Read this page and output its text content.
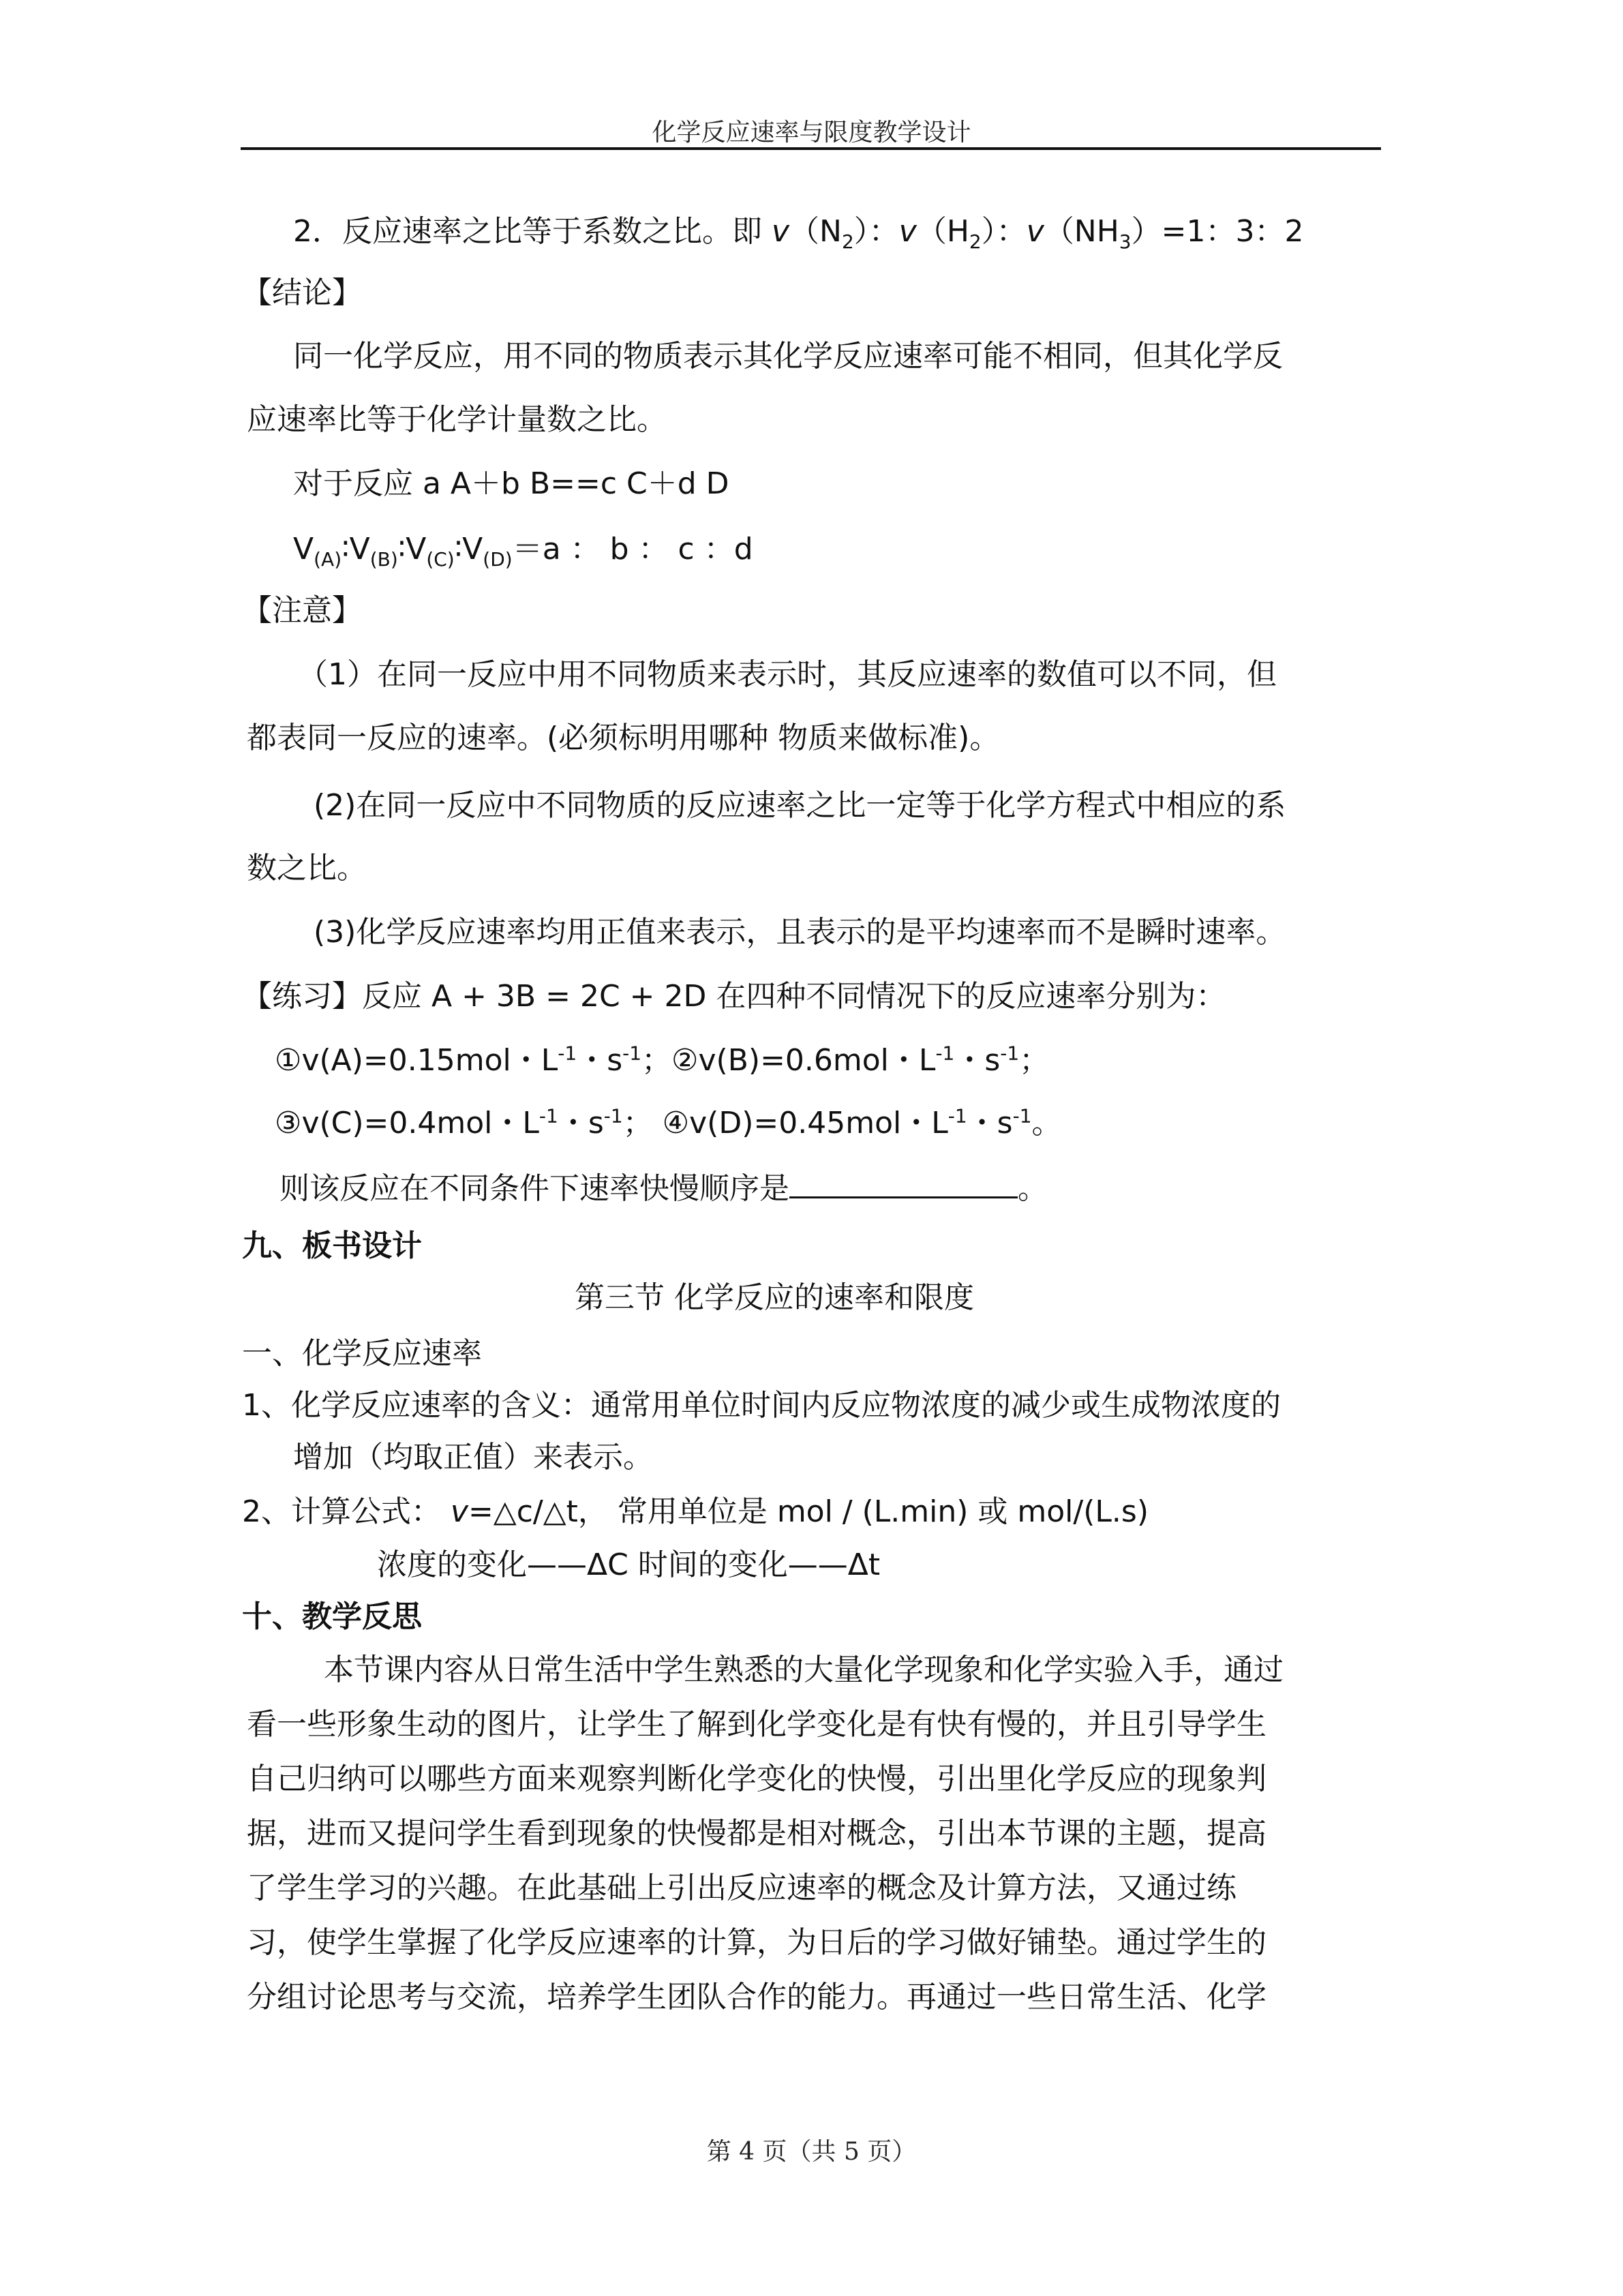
化学反应速率与限度教学设计
2．反应速率之比等于系数之比。即 $v(N_2)$：$v(H_2)$：$v(NH_3)=1$：3：2
【结论】
同一化学反应，用不同的物质表示其化学反应速率可能不相同，但其化学反
应速率比等于化学计量数之比。
对于反应 a A＋b B==c C＋d D
$V_{(A)}∶V_{(B)}∶V_{(C)}∶V_{(D)}=a$ ： b ： c ：d
【注意】
（1）在同一反应中用不同物质来表示时，其反应速率的数值可以不同，但
都表同一反应的速率。(必须标明用哪种 物质来做标准)。
(2)在同一反应中不同物质的反应速率之比一定等于化学方程式中相应的系
数之比。
(3)化学反应速率均用正值来表示，且表示的是平均速率而不是瞬时速率。
【练习】反应 A + 3B = 2C + 2D 在四种不同情况下的反应速率分别为：
①v(A)=0.15mol・$L^{-1}$・$s^{-1}$；②v(B)=0.6mol・$L^{-1}$・$s^{-1}$；
③v(C)=0.4mol・$L^{-1}$・$s^{-1}$； ④v(D)=0.45mol・$L^{-1}$・$s^{-1}$。
则该反应在不同条件下速率快慢顺序是	。
九、板书设计
第三节 化学反应的速率和限度
一、化学反应速率
1、化学反应速率的含义：通常用单位时间内反应物浓度的减少或生成物浓度的
增加（均取正值）来表示。
2、计算公式： v=△c/△t， 常用单位是 mol / (L.min) 或 mol/(L.s)
浓度的变化——ΔC 时间的变化——Δt
十、教学反思
本节课内容从日常生活中学生熟悉的大量化学现象和化学实验入手，通过
看一些形象生动的图片，让学生了解到化学变化是有快有慢的，并且引导学生
自己归纳可以哪些方面来观察判断化学变化的快慢，引出里化学反应的现象判
据，进而又提问学生看到现象的快慢都是相对概念，引出本节课的主题，提高
了学生学习的兴趣。在此基础上引出反应速率的概念及计算方法，又通过练
习，使学生掌握了化学反应速率的计算，为日后的学习做好铺垫。通过学生的
分组讨论思考与交流，培养学生团队合作的能力。再通过一些日常生活、化学
第 4 页（共 5 页）
